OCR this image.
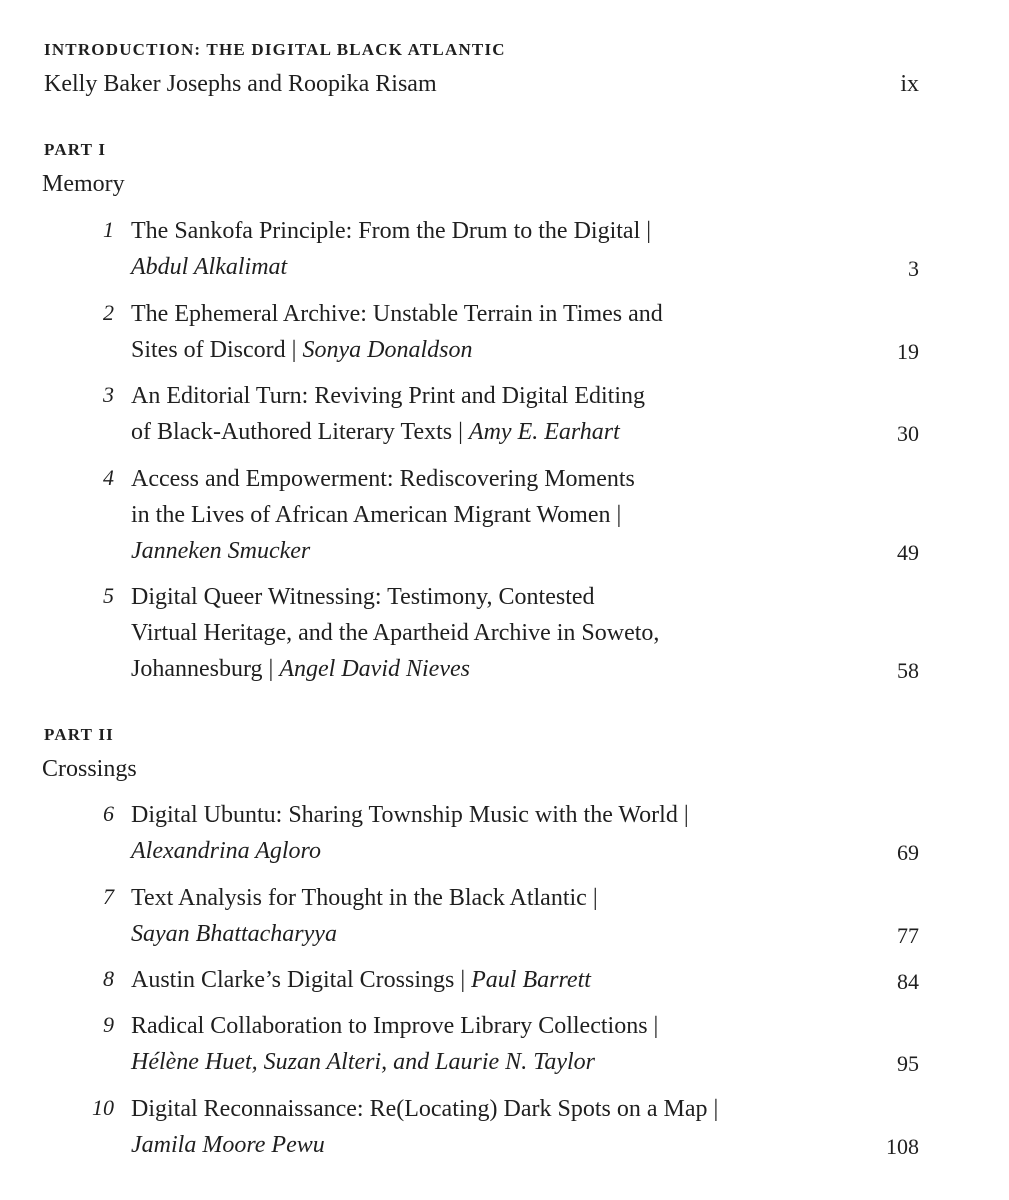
INTRODUCTION: THE DIGITAL BLACK ATLANTIC
Kelly Baker Josephs and Roopika Risam	ix
PART I
Memory
PART II
Crossings
1 The Sankofa Principle: From the Drum to the Digital |
Abdul Alkalimat	3
2 The Ephemeral Archive: Unstable Terrain in Times and
Sites of Discord | Sonya Donaldson	19
3 An Editorial Turn: Reviving Print and Digital Editing
of Black-Authored Literary Texts | Amy E. Earhart	30
4 Access and Empowerment: Rediscovering Moments
in the Lives of African American Migrant Women |
Janneken Smucker	49
5 Digital Queer Witnessing: Testimony, Contested
Virtual Heritage, and the Apartheid Archive in Soweto,
Johannesburg | Angel David Nieves	58
6 Digital Ubuntu: Sharing Township Music with the World |
Alexandrina Agloro	69
7 Text Analysis for Thought in the Black Atlantic |
Sayan Bhattacharyya	77
8 Austin Clarke’s Digital Crossings | Paul Barrett	84
9 Radical Collaboration to Improve Library Collections |
Hélène Huet, Suzan Alteri, and Laurie N. Taylor	95
10 Digital Reconnaissance: Re(Locating) Dark Spots on a Map |
Jamila Moore Pewu	108
